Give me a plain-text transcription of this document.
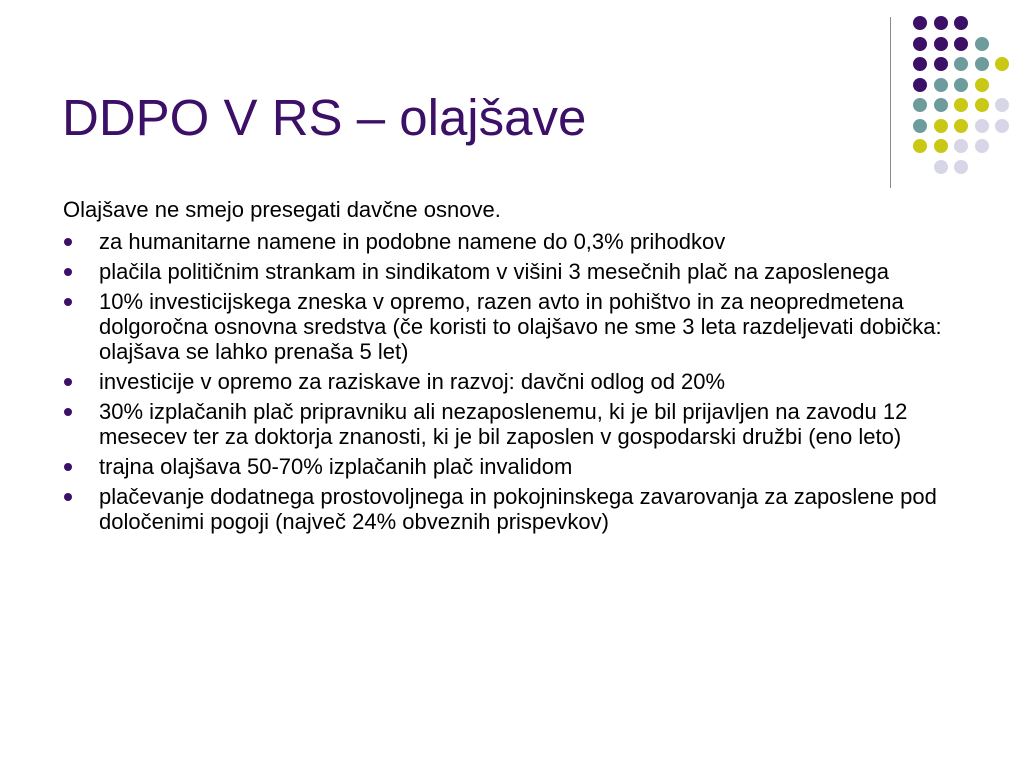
DDPO V RS – olajšave

Olajšave ne smejo presegati davčne osnove.

za humanitarne namene in podobne namene do 0,3% prihodkov
plačila političnim strankam in sindikatom v višini 3 mesečnih plač na zaposlenega
10% investicijskega zneska v opremo, razen avto in pohištvo in za neopredmetena dolgoročna osnovna sredstva (če koristi to olajšavo ne sme 3 leta razdeljevati dobička: olajšava se lahko prenaša 5 let)
investicije v opremo za raziskave in razvoj: davčni odlog od 20%
30% izplačanih plač pripravniku ali nezaposlenemu, ki je bil prijavljen na zavodu 12 mesecev ter za doktorja znanosti, ki je bil zaposlen v gospodarski družbi (eno leto)
trajna olajšava 50-70% izplačanih plač invalidom
plačevanje dodatnega prostovoljnega in pokojninskega zavarovanja za zaposlene pod določenimi pogoji (največ 24% obveznih prispevkov)
